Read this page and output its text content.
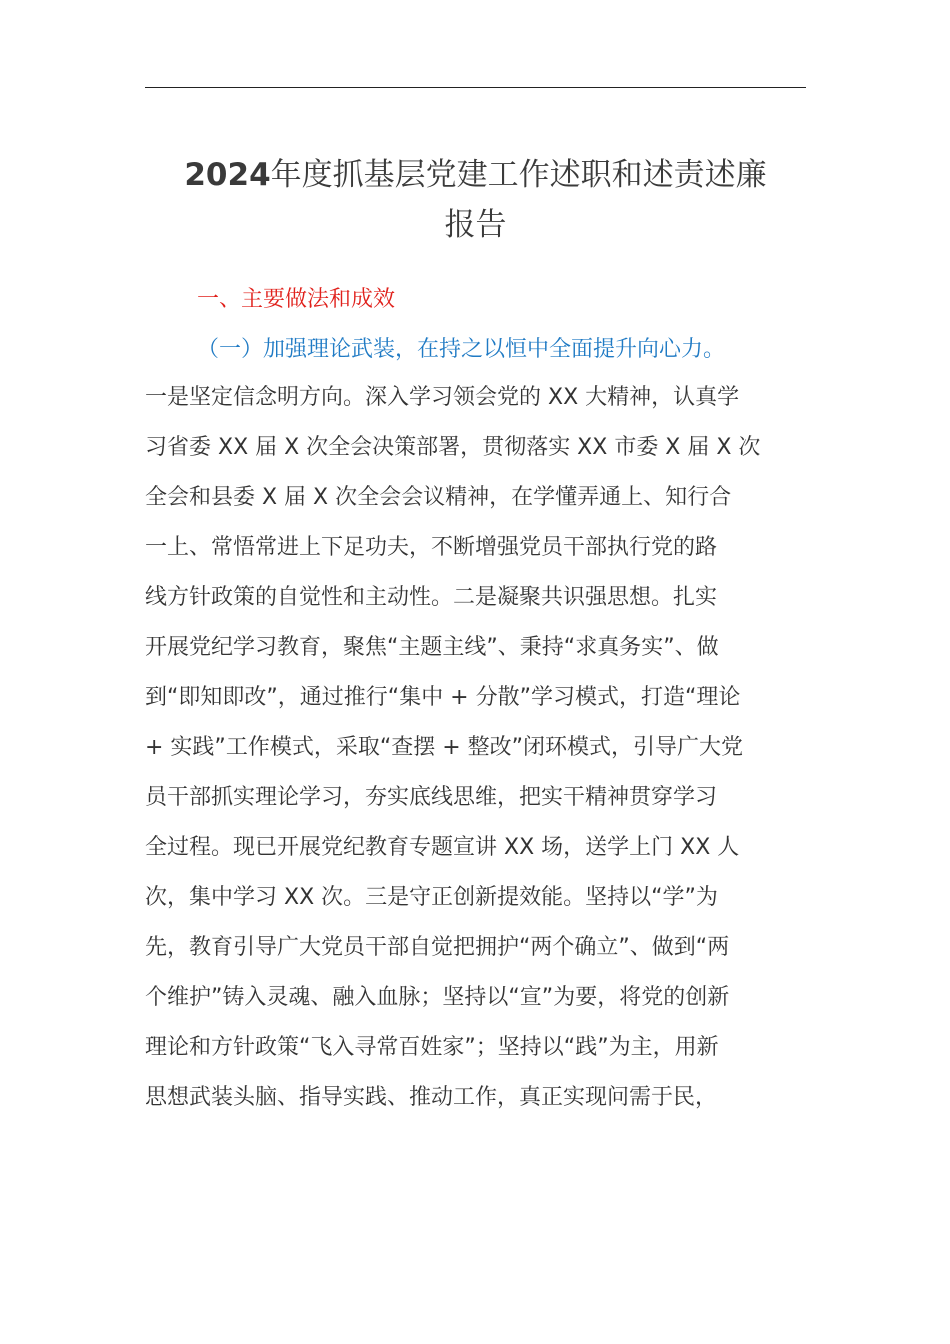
2024年度抓基层党建工作述职和述责述廉
报告

一、主要做法和成效

（一）加强理论武装，在持之以恒中全面提升向心力。

一是坚定信念明方向。深入学习领会党的 XX 大精神，认真学
习省委 XX 届 X 次全会决策部署，贯彻落实 XX 市委 X 届 X 次
全会和县委 X 届 X 次全会会议精神，在学懂弄通上、知行合
一上、常悟常进上下足功夫，不断增强党员干部执行党的路
线方针政策的自觉性和主动性。二是凝聚共识强思想。扎实
开展党纪学习教育，聚焦“主题主线”、秉持“求真务实”、做
到“即知即改”，通过推行“集中 + 分散”学习模式，打造“理论
+ 实践”工作模式，采取“查摆 + 整改”闭环模式，引导广大党
员干部抓实理论学习，夯实底线思维，把实干精神贯穿学习
全过程。现已开展党纪教育专题宣讲 XX 场，送学上门 XX 人
次，集中学习 XX 次。三是守正创新提效能。坚持以“学”为
先，教育引导广大党员干部自觉把拥护“两个确立”、做到“两
个维护”铸入灵魂、融入血脉；坚持以“宣”为要，将党的创新
理论和方针政策“飞入寻常百姓家”；坚持以“践”为主，用新
思想武装头脑、指导实践、推动工作，真正实现问需于民，
